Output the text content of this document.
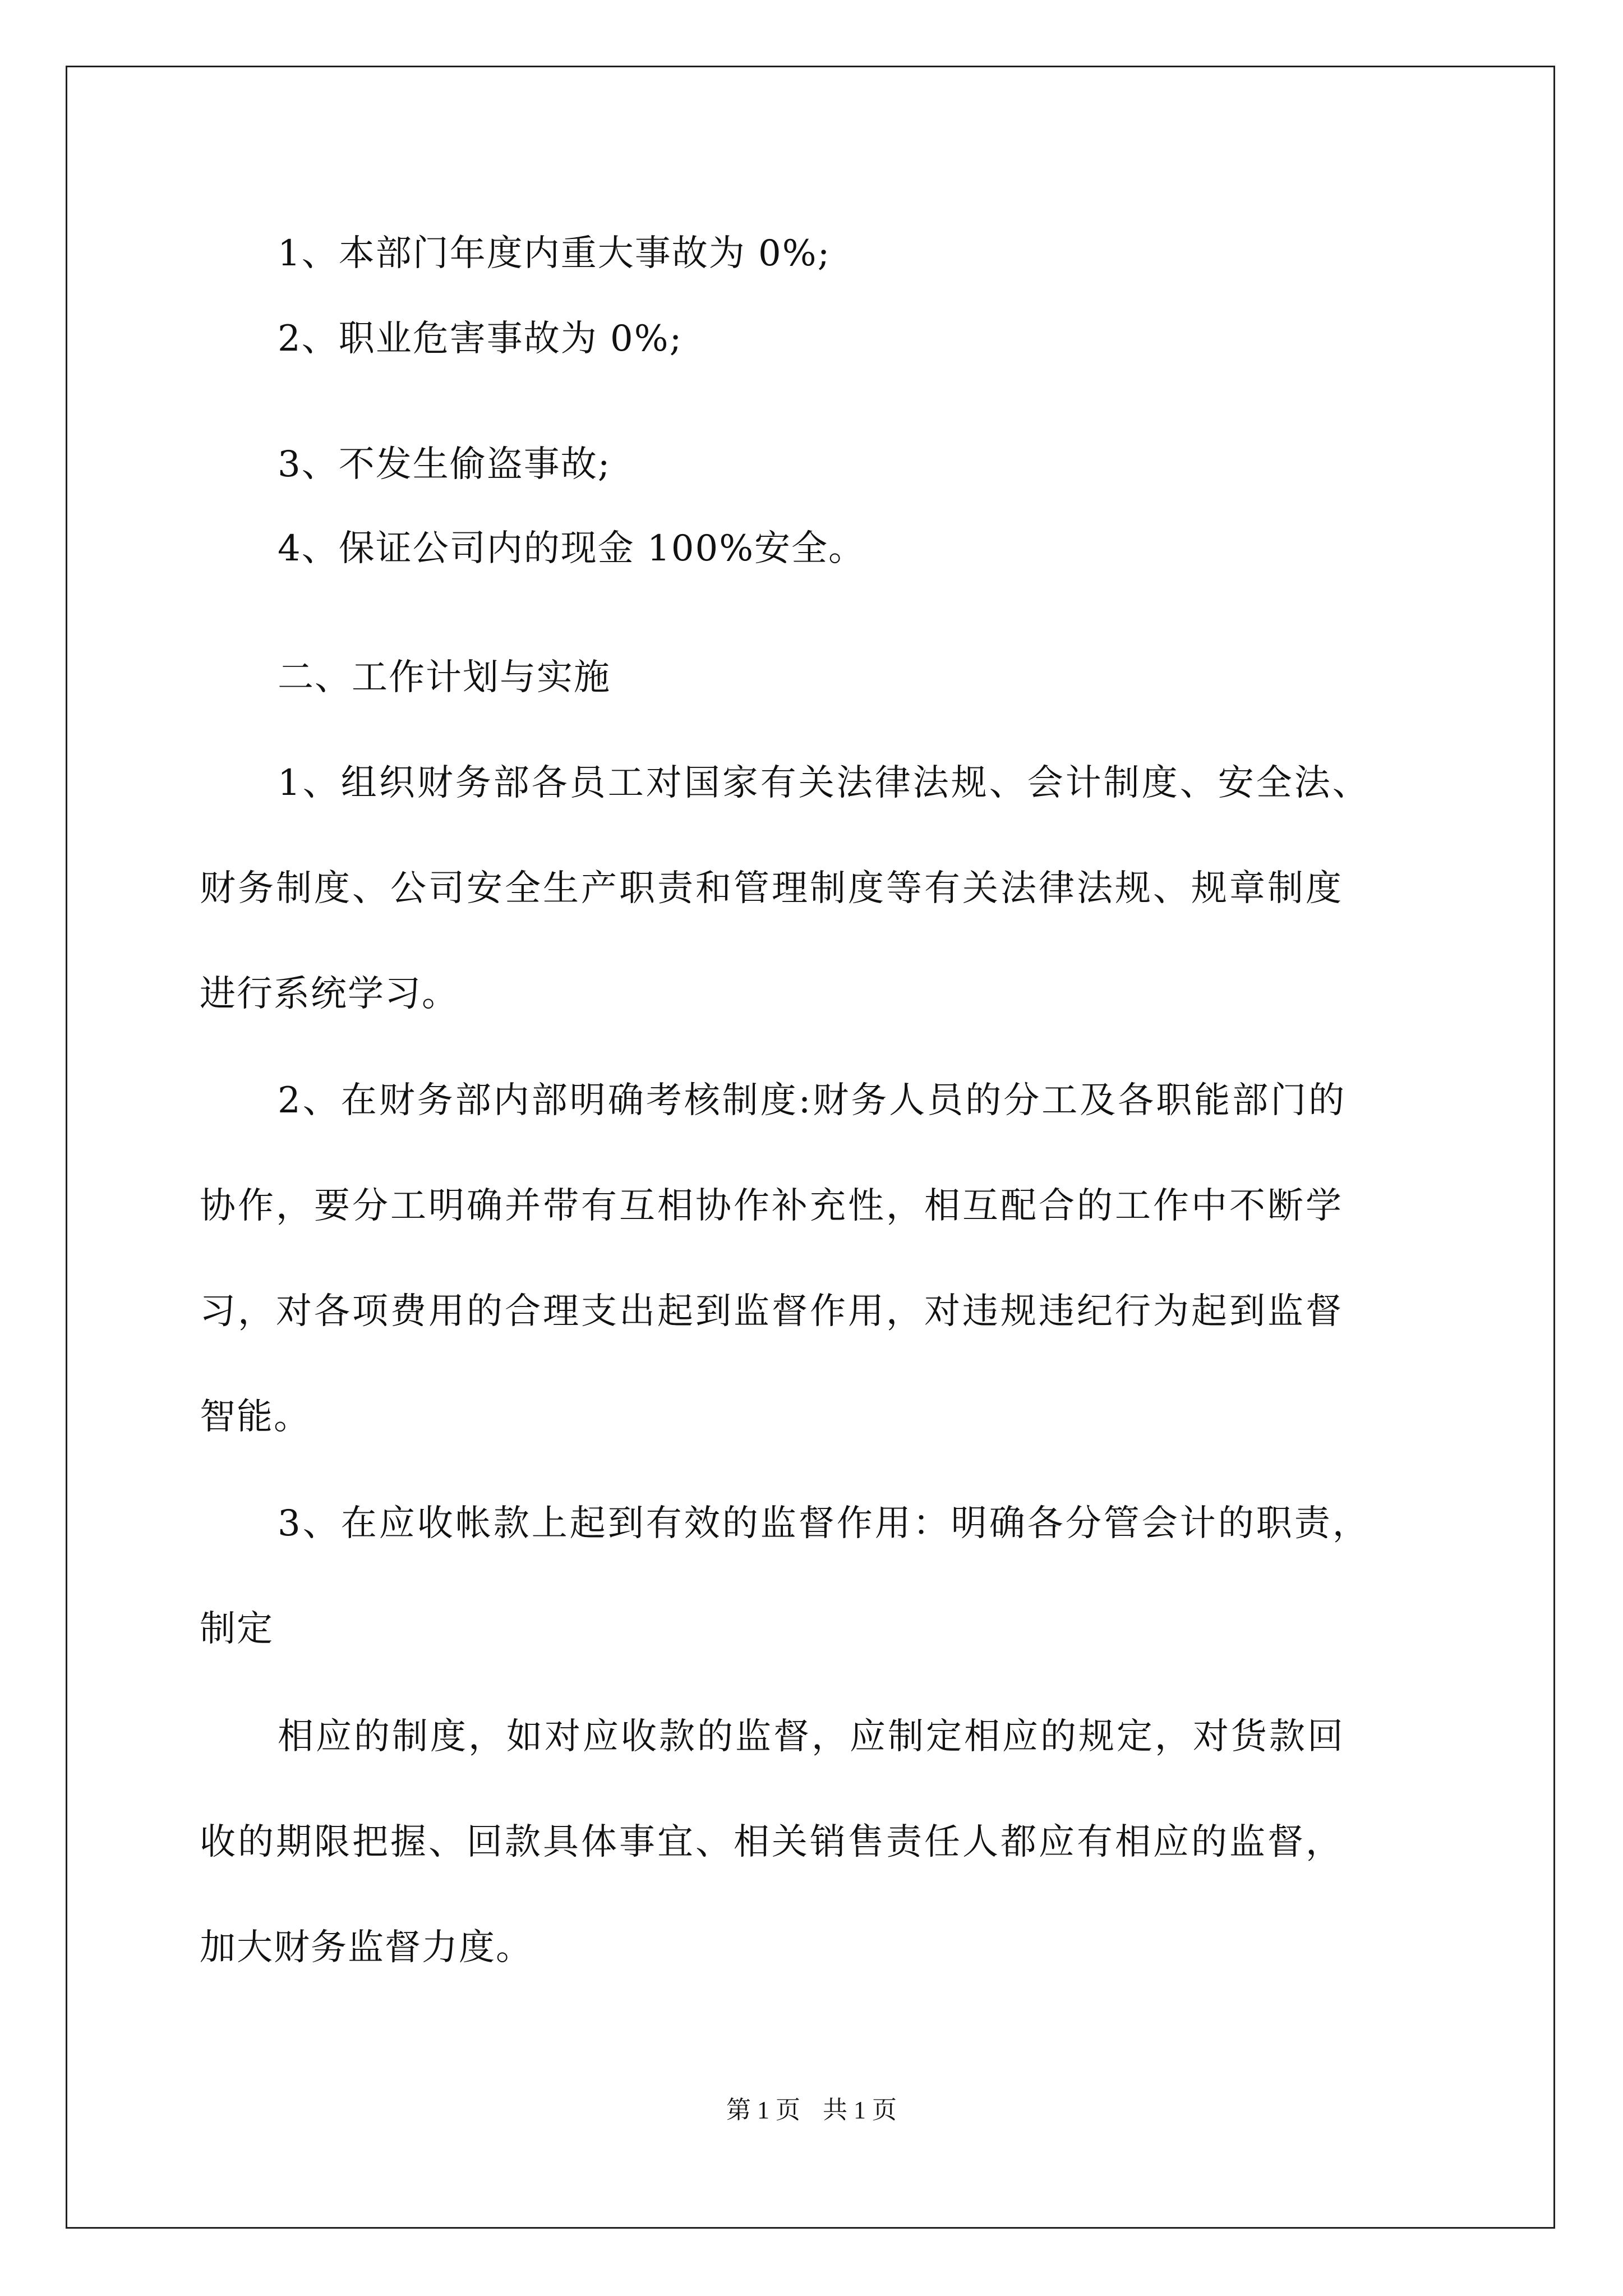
1、本部门年度内重大事故为 0%;
2、职业危害事故为 0%;
3、不发生偷盗事故;
4、保证公司内的现金 100%安全。
二、工作计划与实施
1、组织财务部各员工对国家有关法律法规、会计制度、安全法、
财务制度、公司安全生产职责和管理制度等有关法律法规、规章制度
进行系统学习。
2、在财务部内部明确考核制度:财务人员的分工及各职能部门的
协作，要分工明确并带有互相协作补充性，相互配合的工作中不断学
习，对各项费用的合理支出起到监督作用，对违规违纪行为起到监督
智能。
3、在应收帐款上起到有效的监督作用：明确各分管会计的职责，
制定
相应的制度，如对应收款的监督，应制定相应的规定，对货款回
收的期限把握、回款具体事宜、相关销售责任人都应有相应的监督，
加大财务监督力度。
第 1 页 共 1 页
